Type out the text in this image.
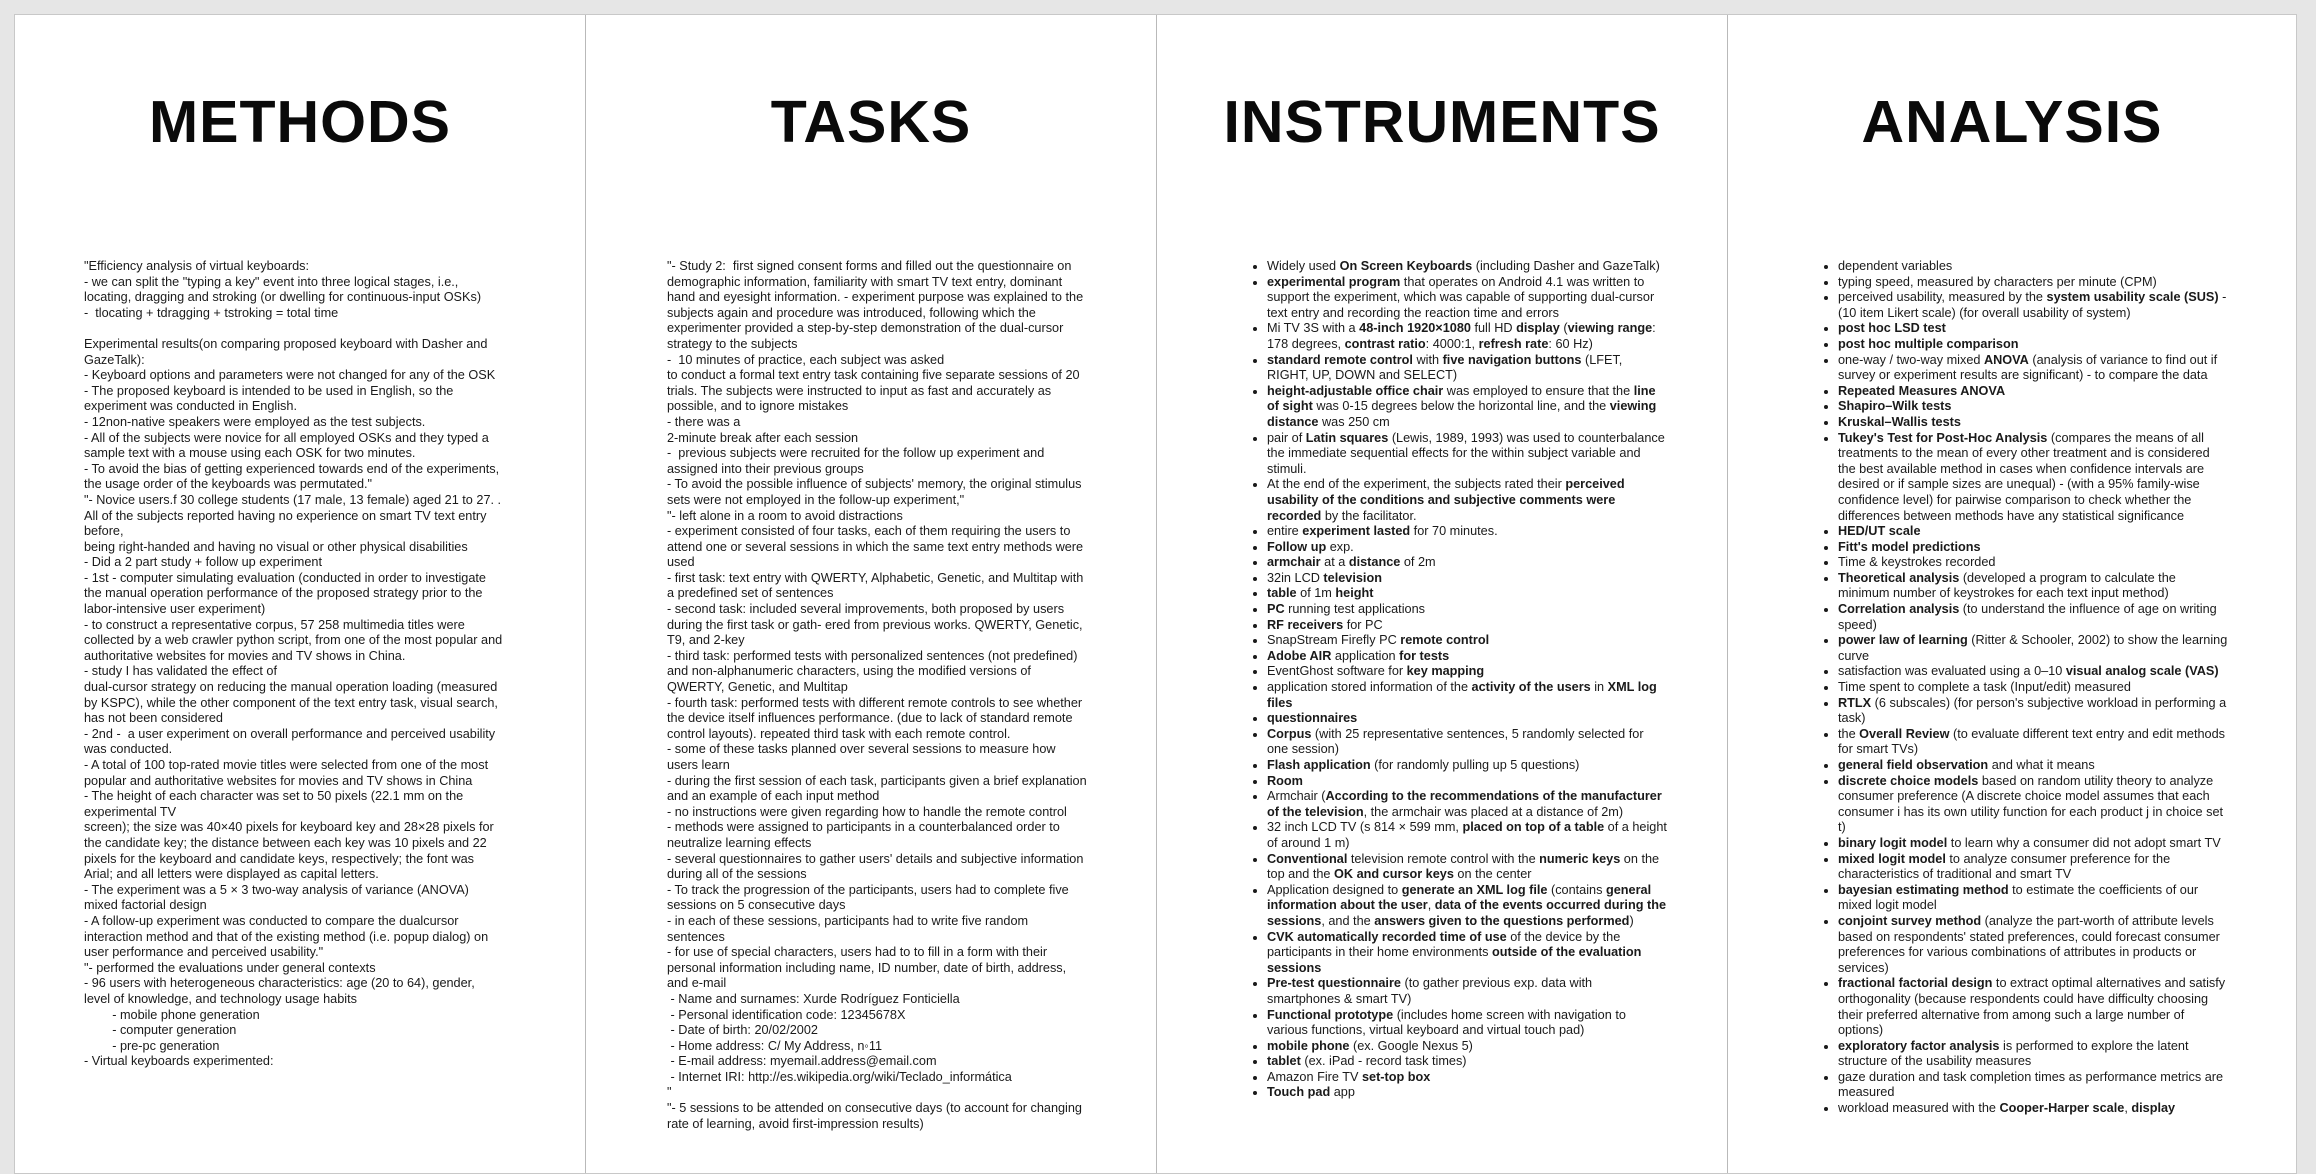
METHODS
"Efficiency analysis of virtual keyboards:
- we can split the "typing a key" event into three logical stages, i.e., locating, dragging and stroking (or dwelling for continuous-input OSKs)
-  tlocating + tdragging + tstroking = total time

Experimental results(on comparing proposed keyboard with Dasher and GazeTalk):
- Keyboard options and parameters were not changed for any of the OSK
- The proposed keyboard is intended to be used in English, so the experiment was conducted in English.
- 12non-native speakers were employed as the test subjects.
- All of the subjects were novice for all employed OSKs and they typed a sample text with a mouse using each OSK for two minutes.
- To avoid the bias of getting experienced towards end of the experiments, the usage order of the keyboards was permutated."
"- Novice users.f 30 college students (17 male, 13 female) aged 21 to 27. . All of the subjects reported having no experience on smart TV text entry before,
being right-handed and having no visual or other physical disabilities
- Did a 2 part study + follow up experiment
- 1st - computer simulating evaluation (conducted in order to investigate the manual operation performance of the proposed strategy prior to the labor-intensive user experiment)
- to construct a representative corpus, 57 258 multimedia titles were collected by a web crawler python script, from one of the most popular and authoritative websites for movies and TV shows in China.
- study I has validated the effect of
dual-cursor strategy on reducing the manual operation loading (measured by KSPC), while the other component of the text entry task, visual search, has not been considered
- 2nd -  a user experiment on overall performance and perceived usability was conducted.
- A total of 100 top-rated movie titles were selected from one of the most popular and authoritative websites for movies and TV shows in China
- The height of each character was set to 50 pixels (22.1 mm on the experimental TV
screen); the size was 40×40 pixels for keyboard key and 28×28 pixels for the candidate key; the distance between each key was 10 pixels and 22 pixels for the keyboard and candidate keys, respectively; the font was Arial; and all letters were displayed as capital letters.
- The experiment was a 5 × 3 two-way analysis of variance (ANOVA) mixed factorial design
- A follow-up experiment was conducted to compare the dualcursor interaction method and that of the existing method (i.e. popup dialog) on user performance and perceived usability."
"- performed the evaluations under general contexts
- 96 users with heterogeneous characteristics: age (20 to 64), gender, level of knowledge, and technology usage habits
- mobile phone generation
- computer generation
- pre-pc generation
- Virtual keyboards experimented:
TASKS
"- Study 2:  first signed consent forms and filled out the questionnaire on demographic information, familiarity with smart TV text entry, dominant hand and eyesight information. - experiment purpose was explained to the subjects again and procedure was introduced, following which the experimenter provided a step-by-step demonstration of the dual-cursor strategy to the subjects
-  10 minutes of practice, each subject was asked
to conduct a formal text entry task containing five separate sessions of 20 trials. The subjects were instructed to input as fast and accurately as possible, and to ignore mistakes
- there was a
2-minute break after each session
-  previous subjects were recruited for the follow up experiment and assigned into their previous groups
- To avoid the possible influence of subjects' memory, the original stimulus sets were not employed in the follow-up experiment,"
"- left alone in a room to avoid distractions
- experiment consisted of four tasks, each of them requiring the users to attend one or several sessions in which the same text entry methods were used
- first task: text entry with QWERTY, Alphabetic, Genetic, and Multitap with a predefined set of sentences
- second task: included several improvements, both proposed by users during the first task or gath- ered from previous works. QWERTY, Genetic, T9, and 2-key
- third task: performed tests with personalized sentences (not predefined) and non-alphanumeric characters, using the modified versions of QWERTY, Genetic, and Multitap
- fourth task: performed tests with different remote controls to see whether the device itself influences performance. (due to lack of standard remote control layouts). repeated third task with each remote control.
- some of these tasks planned over several sessions to measure how users learn
- during the first session of each task, participants given a brief explanation and an example of each input method
- no instructions were given regarding how to handle the remote control
- methods were assigned to participants in a counterbalanced order to neutralize learning effects
- several questionnaires to gather users' details and subjective information during all of the sessions
- To track the progression of the participants, users had to complete five sessions on 5 consecutive days
- in each of these sessions, participants had to write five random sentences
- for use of special characters, users had to to fill in a form with their personal information including name, ID number, date of birth, address, and e-mail
- Name and surnames: Xurde Rodríguez Fonticiella
- Personal identification code: 12345678X
- Date of birth: 20/02/2002
- Home address: C/ My Address, n◦11
- E-mail address: myemail.address@email.com
- Internet IRI: http://es.wikipedia.org/wiki/Teclado_informática
"
"- 5 sessions to be attended on consecutive days (to account for changing rate of learning, avoid first-impression results)
INSTRUMENTS
• Widely used On Screen Keyboards (including Dasher and GazeTalk)
• experimental program that operates on Android 4.1 was written to support the experiment, which was capable of supporting dual-cursor text entry and recording the reaction time and errors
• Mi TV 3S with a 48-inch 1920×1080 full HD display (viewing range: 178 degrees, contrast ratio: 4000:1, refresh rate: 60 Hz)
• standard remote control with five navigation buttons (LFET, RIGHT, UP, DOWN and SELECT)
• height-adjustable office chair was employed to ensure that the line of sight was 0-15 degrees below the horizontal line, and the viewing distance was 250 cm
• pair of Latin squares (Lewis, 1989, 1993) was used to counterbalance the immediate sequential effects for the within subject variable and stimuli.
• At the end of the experiment, the subjects rated their perceived usability of the conditions and subjective comments were recorded by the facilitator.
• entire experiment lasted for 70 minutes.
• Follow up exp.
• armchair at a distance of 2m
• 32in LCD television
• table of 1m height
• PC running test applications
• RF receivers for PC
• SnapStream Firefly PC remote control
• Adobe AIR application for tests
• EventGhost software for key mapping
• application stored information of the activity of the users in XML log files
• questionnaires
• Corpus (with 25 representative sentences, 5 randomly selected for one session)
• Flash application (for randomly pulling up 5 questions)
• Room
• Armchair (According to the recommendations of the manufacturer of the television, the armchair was placed at a distance of 2m)
• 32 inch LCD TV (s 814 × 599 mm, placed on top of a table of a height of around 1 m)
• Conventional television remote control with the numeric keys on the top and the OK and cursor keys on the center
• Application designed to generate an XML log file (contains general information about the user, data of the events occurred during the sessions, and the answers given to the questions performed)
• CVK automatically recorded time of use of the device by the participants in their home environments outside of the evaluation sessions
• Pre-test questionnaire (to gather previous exp. data with smartphones & smart TV)
• Functional prototype (includes home screen with navigation to various functions, virtual keyboard and virtual touch pad)
• mobile phone (ex. Google Nexus 5)
• tablet (ex. iPad - record task times)
• Amazon Fire TV set-top box
• Touch pad app
ANALYSIS
• dependent variables
• typing speed, measured by characters per minute (CPM)
• perceived usability, measured by the system usability scale (SUS) - (10 item Likert scale) (for overall usability of system)
• post hoc LSD test
• post hoc multiple comparison
• one-way / two-way mixed ANOVA (analysis of variance to find out if survey or experiment results are significant) - to compare the data
• Repeated Measures ANOVA
• Shapiro–Wilk tests
• Kruskal–Wallis tests
• Tukey's Test for Post-Hoc Analysis (compares the means of all treatments to the mean of every other treatment and is considered the best available method in cases when confidence intervals are desired or if sample sizes are unequal) - (with a 95% family-wise confidence level) for pairwise comparison to check whether the differences between methods have any statistical significance
• HED/UT scale
• Fitt's model predictions
• Time & keystrokes recorded
• Theoretical analysis (developed a program to calculate the minimum number of keystrokes for each text input method)
• Correlation analysis (to understand the influence of age on writing speed)
• power law of learning (Ritter & Schooler, 2002) to show the learning curve
• satisfaction was evaluated using a 0–10 visual analog scale (VAS)
• Time spent to complete a task (Input/edit) measured
• RTLX (6 subscales) (for person's subjective workload in performing a task)
• the Overall Review (to evaluate different text entry and edit methods for smart TVs)
• general field observation and what it means
• discrete choice models based on random utility theory to analyze consumer preference (A discrete choice model assumes that each consumer i has its own utility function for each product j in choice set t)
• binary logit model to learn why a consumer did not adopt smart TV
• mixed logit model to analyze consumer preference for the characteristics of traditional and smart TV
• bayesian estimating method to estimate the coefficients of our mixed logit model
• conjoint survey method (analyze the part-worth of attribute levels based on respondents' stated preferences, could forecast consumer preferences for various combinations of attributes in products or services)
• fractional factorial design to extract optimal alternatives and satisfy orthogonality (because respondents could have difficulty choosing their preferred alternative from among such a large number of options)
• exploratory factor analysis is performed to explore the latent structure of the usability measures
• gaze duration and task completion times as performance metrics are measured
• workload measured with the Cooper-Harper scale, display
